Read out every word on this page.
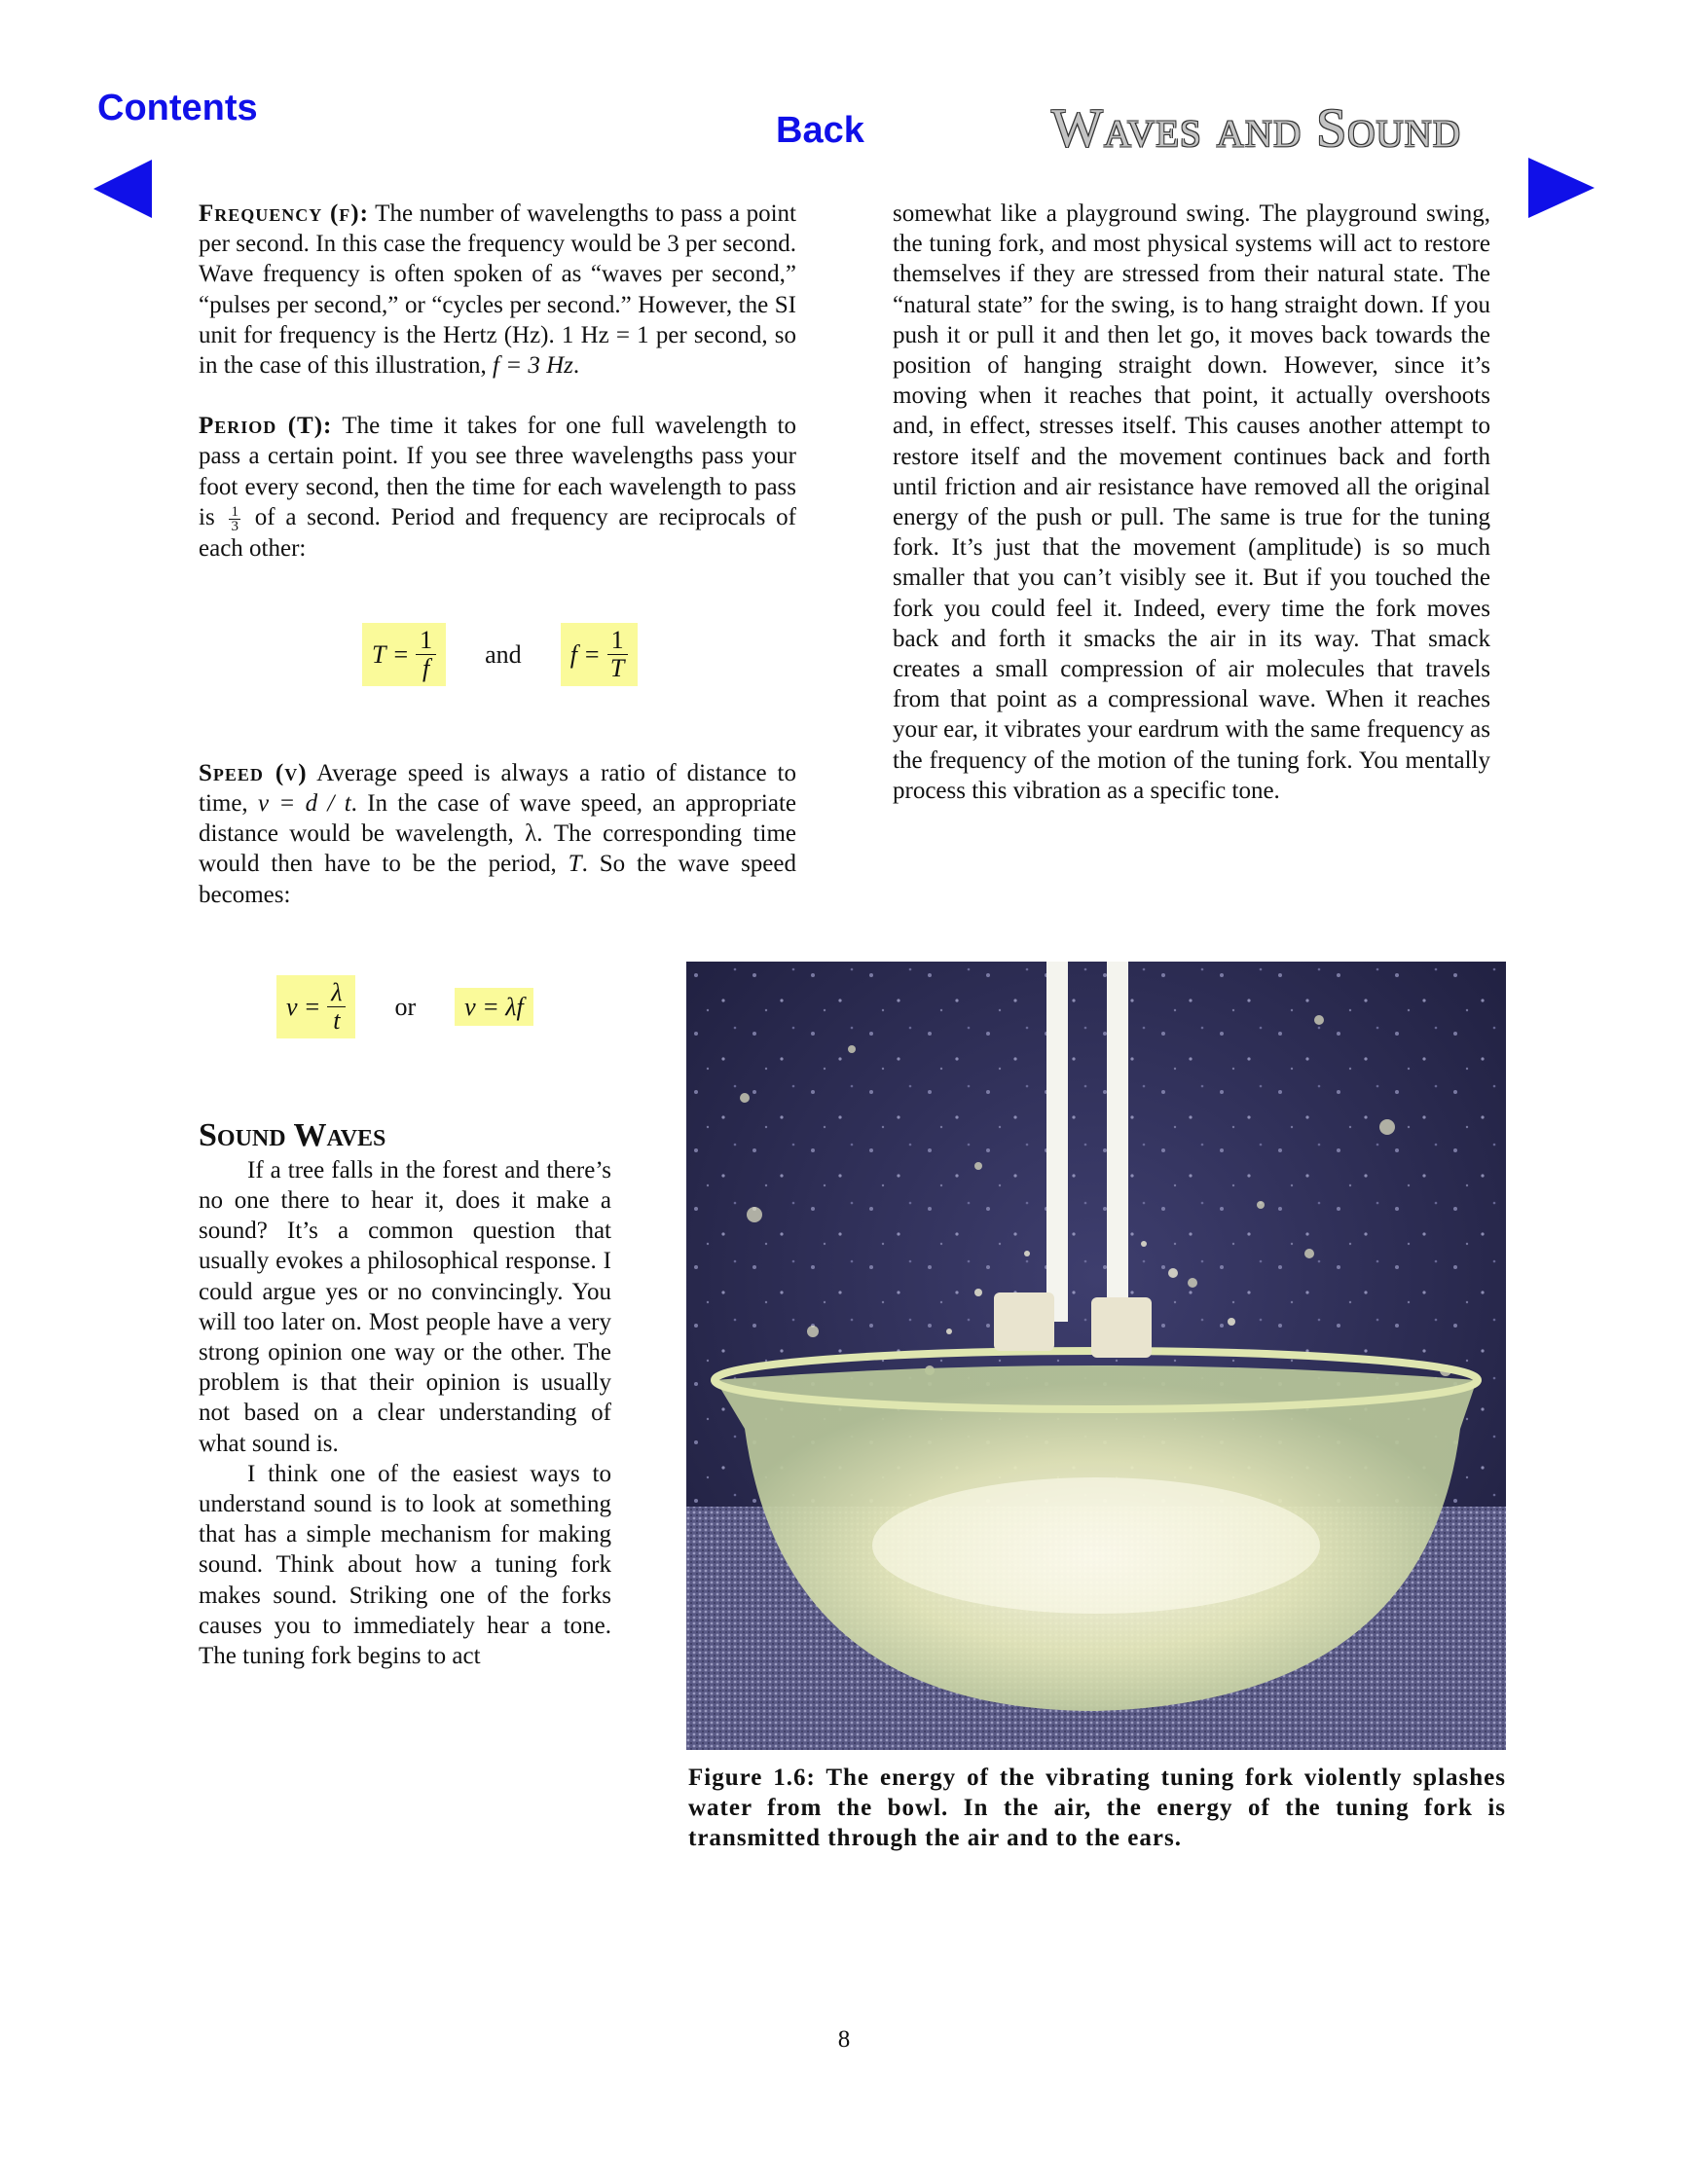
Contents
Back	Waves and Sound

Frequency (f): The number of wavelengths to pass a point per second. In this case the frequency would be 3 per second. Wave frequency is often spoken of as “waves per second,” “pulses per second,” or “cycles per second.” However, the SI unit for frequency is the Hertz (Hz). 1 Hz = 1 per second, so in the case of this illustration, f = 3 Hz.

Period (T): The time it takes for one full wavelength to pass a certain point. If you see three wavelengths pass your foot every second, then the time for each wavelength to pass is $\frac{1}{3}$ of a second. Period and frequency are reciprocals of each other:

$T = \frac{1}{f}$ and $f = \frac{1}{T}$

Speed (v) Average speed is always a ratio of distance to time, v = d / t. In the case of wave speed, an appropriate distance would be wavelength, λ. The corresponding time would then have to be the period, T. So the wave speed becomes:

$v = \frac{\lambda}{t}$ or	v = λf
Sound Waves

If a tree falls in the forest and there’s no one there to hear it, does it make a sound? It’s a common question that usually evokes a philosophical response. I could argue yes or no convincingly. You will too later on. Most people have a very strong opinion one way or the other. The problem is that their opinion is usually not based on a clear understanding of what sound is.

I think one of the easiest ways to understand sound is to look at something that has a simple mechanism for making sound. Think about how a tuning fork makes sound. Striking one of the forks causes you to immediately hear a tone. The tuning fork begins to act

somewhat like a playground swing. The playground swing, the tuning fork, and most physical systems will act to restore themselves if they are stressed from their natural state. The “natural state” for the swing, is to hang straight down. If you push it or pull it and then let go, it moves back towards the position of hanging straight down. However, since it’s moving when it reaches that point, it actually overshoots and, in effect, stresses itself. This causes another attempt to restore itself and the movement continues back and forth until friction and air resistance have removed all the original energy of the push or pull. The same is true for the tuning fork. It’s just that the movement (amplitude) is so much smaller that you can’t visibly see it. But if you touched the fork you could feel it. Indeed, every time the fork moves back and forth it smacks the air in its way. That smack creates a small compression of air molecules that travels from that point as a compressional wave. When it reaches your ear, it vibrates your eardrum with the same frequency as the frequency of the motion of the tuning fork. You mentally process this vibration as a specific tone.

Figure 1.6: The energy of the vibrating tuning fork violently splashes water from the bowl. In the air, the energy of the tuning fork is transmitted through the air and to the ears.

8
